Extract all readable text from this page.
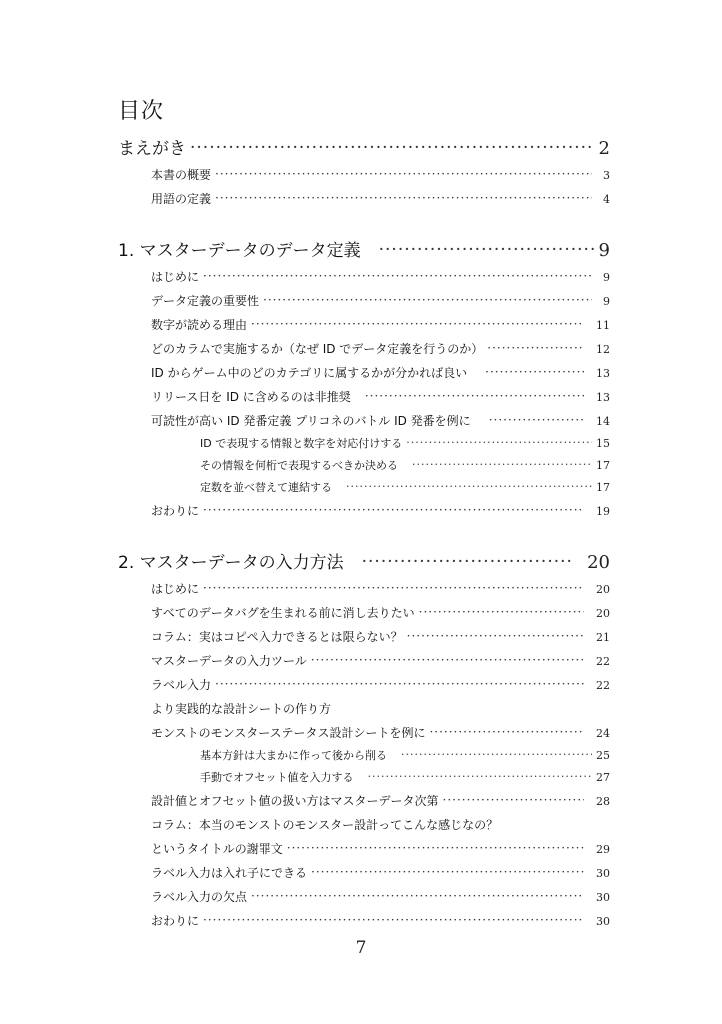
目次
まえがき ·····	2
本書の概要 ·····	3
用語の定義 ·····	4
1. マスターデータのデータ定義 ·····	9
はじめに ·····	9
データ定義の重要性 ·····	9
数字が読める理由 ·····	11
どのカラムで実施するか（なぜ ID でデータ定義を行うのか） ·····	12
ID からゲーム中のどのカテゴリに属するかが分かれば良い ·····	13
リリース日を ID に含めるのは非推奨 ·····	13
可読性が高い ID 発番定義 プリコネのバトル ID 発番を例に ·····	14
ID で表現する情報と数字を対応付けする ·····	15
その情報を何桁で表現するべきか決める ·····	17
定数を並べ替えて連結する ·····	17
おわりに ·····	19
2. マスターデータの入力方法 ·····	20
はじめに ·····	20
すべてのデータバグを生まれる前に消し去りたい ·····	20
コラム：実はコピペ入力できるとは限らない？ ·····	21
マスターデータの入力ツール ·····	22
ラベル入力 ·····	22
より実践的な設計シートの作り方
モンストのモンスターステータス設計シートを例に ·····	24
基本方針は大まかに作って後から削る ·····	25
手動でオフセット値を入力する ·····	27
設計値とオフセット値の扱い方はマスターデータ次第 ·····	28
コラム：本当のモンストのモンスター設計ってこんな感じなの？
というタイトルの謝罪文 ·····	29
ラベル入力は入れ子にできる ·····	30
ラベル入力の欠点 ·····	30
おわりに ·····	30
7
